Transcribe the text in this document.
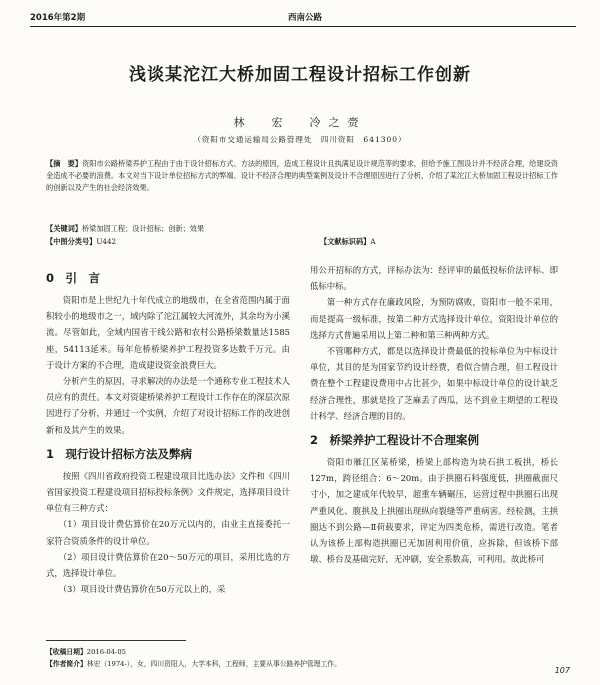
2016年第2期	西南公路
浅谈某沱江大桥加固工程设计招标工作创新
林　宏　冷之赍
（资阳市交通运输局公路管理处　四川资阳　641300）
【摘　要】资阳市公路桥梁养护工程由于由于设计招标方式、方法的原因，造成工程设计且执满足设计规范等的要求，但给予施工图设计并不经济合理，给建设资金造成不必要的浪费。本文对当下设计单位招标方式的弊端、设计不经济合理的典型案例及设计不合理原因进行了分析，介绍了某沱江大桥加固工程设计招标工作的创新以及产生的社会经济效果。
【关键词】桥梁加固工程；设计招标；创新；效果
【中图分类号】U442	【文献标识码】A
0　引　言

资阳市是上世纪九十年代成立的地级市，在全省范围内属于面积较小的地级市之一，域内除了沱江属较大河流外，其余均为小溪流。尽管如此，全域内国省干线公路和农村公路桥梁数量达1585座，54113延米。每年危桥桥梁养护工程投资多达数千万元。由于设计方案的不合理，造成建设资金浪费巨大。

分析产生的原因，寻求解决的办法是一个通称专业工程技术人员应有的责任。本文对资建桥梁养护工程设计工作存在的深层次原因进行了分析，并通过一个实例，介绍了对设计招标工作的改进创新和及其产生的效果。

1　现行设计招标方法及弊病

按照《四川省政府投资工程建设项目比选办法》文件和《四川省国家投资工程建设项目招标投标条例》文件规定，选择项目设计单位有三种方式：

（1）项目设计费估算价在20万元以内的，由业主直接委托一家符合资质条件的设计单位。

（2）项目设计费估算价在20～50万元的项目，采用比选的方式，选择设计单位。

（3）项目设计费估算价在50万元以上的，采

用公开招标的方式，评标办法为：经评审的最低投标价法评标、即低标中标。

第一种方式存在廉政风险，为预防腐败，资阳市一般不采用，而是提高一级标准，按第二种方式选择设计单位，资阳设计单位的选择方式普遍采用以上第二种和第三种两种方式。

不管哪种方式，都是以选择设计费最低的投标单位为中标设计单位，其目的是为国家节约设计经费，看似合情合理，但工程设计费在整个工程建设费用中占比甚少，如果中标设计单位的设计缺乏经济合理性，那就是捡了芝麻丢了西瓜，达不到业主期望的工程设计科学、经济合理的目的。

2　桥梁养护工程设计不合理案例

资阳市雁江区某桥梁，桥梁上部构造为块石拱工板拱，桥长127m，跨径组合：6～20m。由于拱圈石料强度低，拱圈截面尺寸小，加之建成年代较早，超重车辆碾压，运营过程中拱圈石出现严重风化、腹拱及上拱圈出现纵向裂缝等严重病害。经检测，主拱圈达不到公路—Ⅱ荷载要求，评定为四类危桥，需进行改造。笔者认为该桥上部构造拱圈已无加固利用价值，应拆除，但该桥下部墩、桥台及基础完好，无冲刷，安全系数高，可利用。故此桥可

【收稿日期】2016-04-05
【作者简介】林宏（1974-），女，四川资阳人，大学本科，工程师，主要从事公路养护管理工作。
107
